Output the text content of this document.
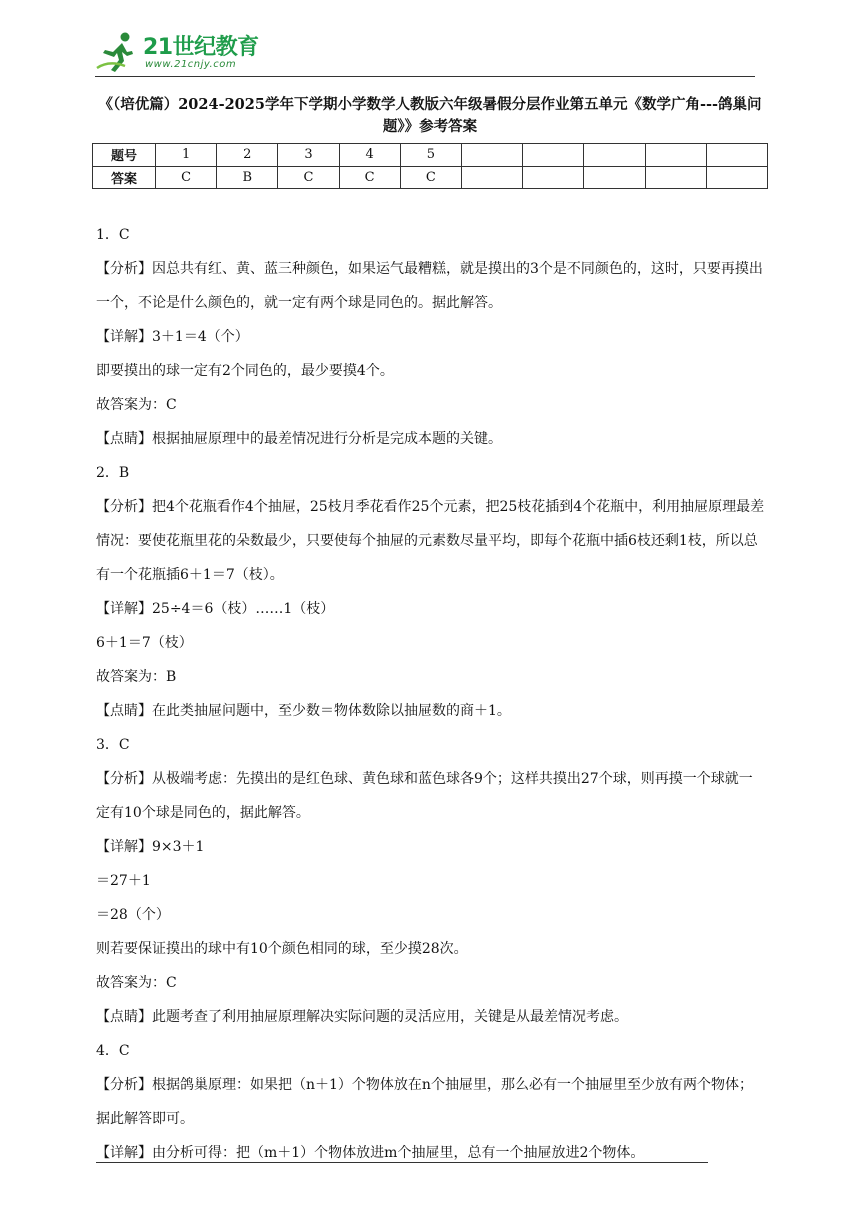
21世纪教育
www.21cnjy.com
《（培优篇）2024-2025学年下学期小学数学人教版六年级暑假分层作业第五单元《数学广角---鸽巢问题》》参考答案
题号	1	2	3	4	5					
答案	C	B	C	C	C					

1．C

【分析】因总共有红、黄、蓝三种颜色，如果运气最糟糕，就是摸出的3个是不同颜色的，这时，只要再摸出一个，不论是什么颜色的，就一定有两个球是同色的。据此解答。

【详解】3＋1＝4（个）

即要摸出的球一定有2个同色的，最少要摸4个。

故答案为：C

【点睛】根据抽屉原理中的最差情况进行分析是完成本题的关键。

2．B

【分析】把4个花瓶看作4个抽屉，25枝月季花看作25个元素，把25枝花插到4个花瓶中，利用抽屉原理最差情况：要使花瓶里花的朵数最少，只要使每个抽屉的元素数尽量平均，即每个花瓶中插6枝还剩1枝，所以总有一个花瓶插6＋1＝7（枝）。

【详解】25÷4＝6（枝）……1（枝）

6＋1＝7（枝）

故答案为：B

【点睛】在此类抽屉问题中，至少数＝物体数除以抽屉数的商＋1。

3．C

【分析】从极端考虑：先摸出的是红色球、黄色球和蓝色球各9个；这样共摸出27个球，则再摸一个球就一定有10个球是同色的，据此解答。

【详解】9×3＋1

＝27＋1

＝28（个）

则若要保证摸出的球中有10个颜色相同的球，至少摸28次。

故答案为：C

【点睛】此题考查了利用抽屉原理解决实际问题的灵活应用，关键是从最差情况考虑。

4．C

【分析】根据鸽巢原理：如果把（n＋1）个物体放在n个抽屉里，那么必有一个抽屉里至少放有两个物体；据此解答即可。

【详解】由分析可得：把（m＋1）个物体放进m个抽屉里，总有一个抽屉放进2个物体。
